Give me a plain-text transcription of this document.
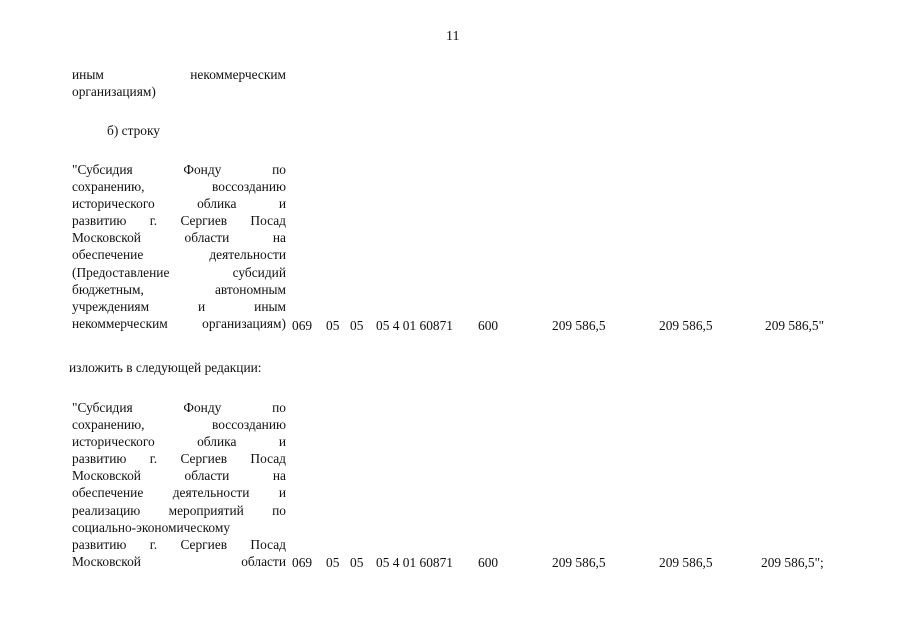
11
иным некоммерческим
организациям)
б) строку
"Субсидия Фонду по
сохранению, воссозданию
исторического облика и
развитию г. Сергиев Посад
Московской области на
обеспечение деятельности
(Предоставление субсидий
бюджетным, автономным
учреждениям и иным
некоммерческим организациям) 069 05 05 05 4 01 60871 600	209 586,5	209 586,5	209 586,5"
изложить в следующей редакции:
"Субсидия Фонду по
сохранению, воссозданию
исторического облика и
развитию г. Сергиев Посад
Московской области на
обеспечение деятельности и
реализацию мероприятий по
социально-экономическому
развитию г. Сергиев Посад
Московской области 069 05 05 05 4 01 60871 600	209 586,5	209 586,5	209 586,5";
